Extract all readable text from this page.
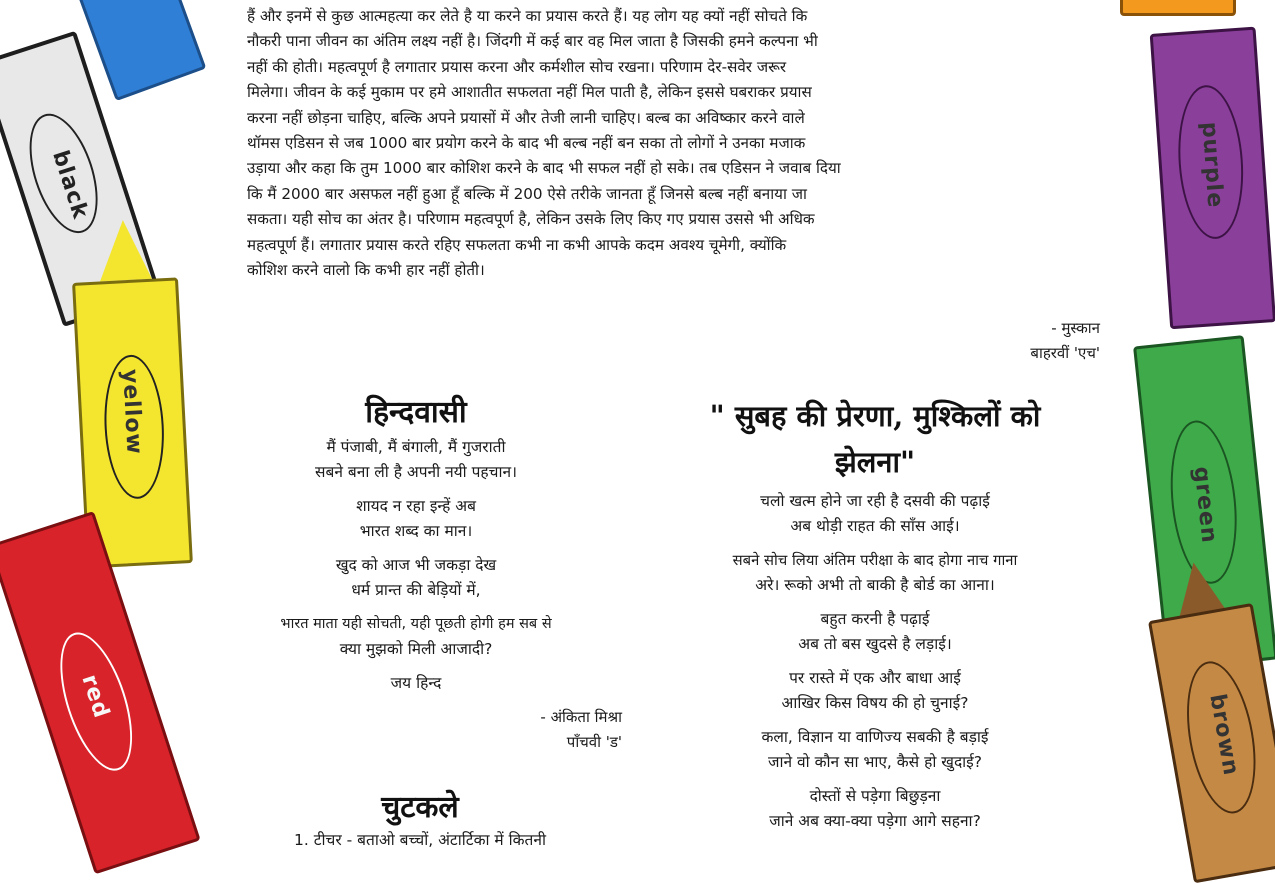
black
yellow
red
purple
green
brown

हैं और इनमें से कुछ आत्महत्या कर लेते है या करने का प्रयास करते हैं। यह लोग यह क्यों नहीं सोचते कि

नौकरी पाना जीवन का अंतिम लक्ष्य नहीं है। जिंदगी में कई बार वह मिल जाता है जिसकी हमने कल्पना भी

नहीं की होती। महत्वपूर्ण है लगातार प्रयास करना और कर्मशील सोच रखना। परिणाम देर-सवेर जरूर

मिलेगा। जीवन के कई मुकाम पर हमे आशातीत सफलता नहीं मिल पाती है, लेकिन इससे घबराकर प्रयास

करना नहीं छोड़ना चाहिए, बल्कि अपने प्रयासों में और तेजी लानी चाहिए। बल्ब का अविष्कार करने वाले

थॉमस एडिसन से जब 1000 बार प्रयोग करने के बाद भी बल्ब नहीं बन सका तो लोगों ने उनका मजाक

उड़ाया और कहा कि तुम 1000 बार कोशिश करने के बाद भी सफल नहीं हो सके। तब एडिसन ने जवाब दिया

कि मैं 2000 बार असफल नहीं हुआ हूँ बल्कि में 200 ऐसे तरीके जानता हूँ जिनसे बल्ब नहीं बनाया जा

सकता। यही सोच का अंतर है। परिणाम महत्वपूर्ण है, लेकिन उसके लिए किए गए प्रयास उससे भी अधिक

महत्वपूर्ण हैं। लगातार प्रयास करते रहिए सफलता कभी ना कभी आपके कदम अवश्य चूमेगी, क्योंकि

कोशिश करने वालो कि कभी हार नहीं होती।

- मुस्कान
बाहरवीं 'एच'
हिन्दवासी
मैं पंजाबी, मैं बंगाली, मैं गुजराती
सबने बना ली है अपनी नयी पहचान।
शायद न रहा इन्हें अब
भारत शब्द का मान।
खुद को आज भी जकड़ा देख
धर्म प्रान्त की बेड़ियों में,
भारत माता यही सोचती, यही पूछती होगी हम सब से
क्या मुझको मिली आजादी?
जय हिन्द
- अंकिता मिश्रा
पाँचवी 'ड'
चुटकले
1. टीचर - बताओ बच्चों, अंटार्टिका में कितनी
" सुबह की प्रेरणा, मुश्किलों को
झेलना"
चलो खत्म होने जा रही है दसवी की पढ़ाई
अब थोड़ी राहत की साँस आई।
सबने सोच लिया अंतिम परीक्षा के बाद होगा नाच गाना
अरे। रूको अभी तो बाकी है बोर्ड का आना।
बहुत करनी है पढ़ाई
अब तो बस खुदसे है लड़ाई।
पर रास्ते में एक और बाधा आई
आखिर किस विषय की हो चुनाई?
कला, विज्ञान या वाणिज्य सबकी है बड़ाई
जाने वो कौन सा भाए, कैसे हो खुदाई?
दोस्तों से पड़ेगा बिछुड़ना
जाने अब क्या-क्या पड़ेगा आगे सहना?
